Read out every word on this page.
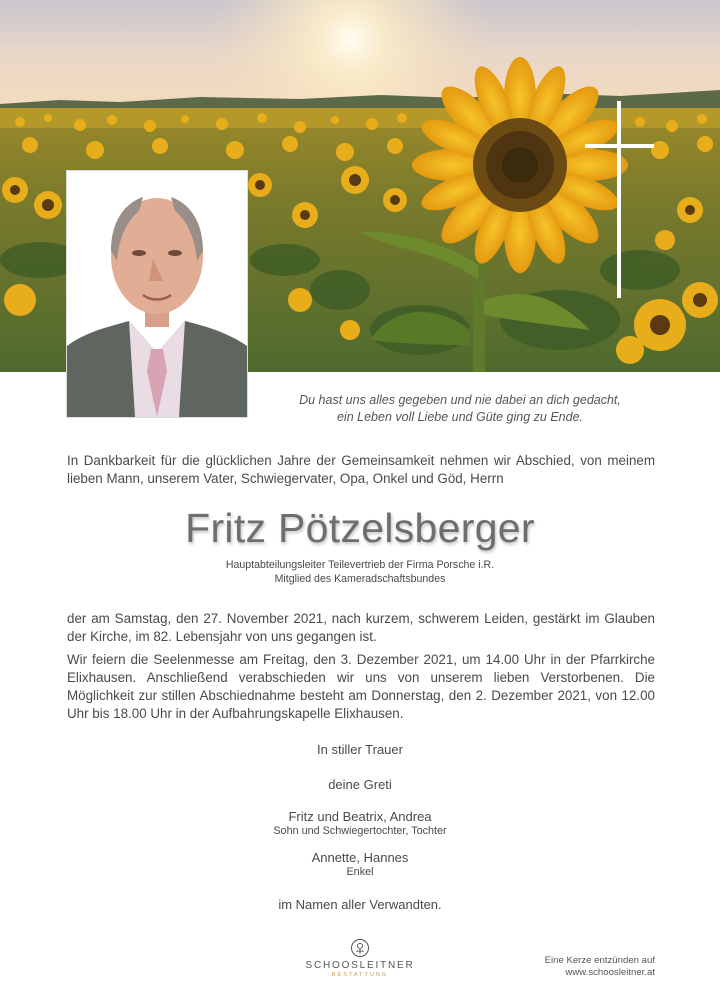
Du hast uns alles gegeben und nie dabei an dich gedacht,
ein Leben voll Liebe und Güte ging zu Ende.
In Dankbarkeit für die glücklichen Jahre der Gemeinsamkeit nehmen wir Abschied, von meinem lieben Mann, unserem Vater, Schwiegervater, Opa, Onkel und Göd, Herrn
Fritz Pötzelsberger
Hauptabteilungsleiter Teilevertrieb der Firma Porsche i.R.
Mitglied des Kameradschaftsbundes
der am Samstag, den 27. November 2021, nach kurzem, schwerem Leiden, gestärkt im Glauben der Kirche, im 82. Lebensjahr von uns gegangen ist.
Wir feiern die Seelenmesse am Freitag, den 3. Dezember 2021, um 14.00 Uhr in der Pfarrkirche Elixhausen. Anschließend verabschieden wir uns von unserem lieben Verstorbenen. Die Möglichkeit zur stillen Abschiednahme besteht am Donnerstag, den 2. Dezember 2021, von 12.00 Uhr bis 18.00 Uhr in der Aufbahrungskapelle Elixhausen.
In stiller Trauer
deine Greti
Fritz und Beatrix, Andrea
Sohn und Schwiegertochter, Tochter
Annette, Hannes
Enkel
im Namen aller Verwandten.
SCHOOSLEITNER
BESTATTUNG
Eine Kerze entzünden auf
www.schoosleitner.at
